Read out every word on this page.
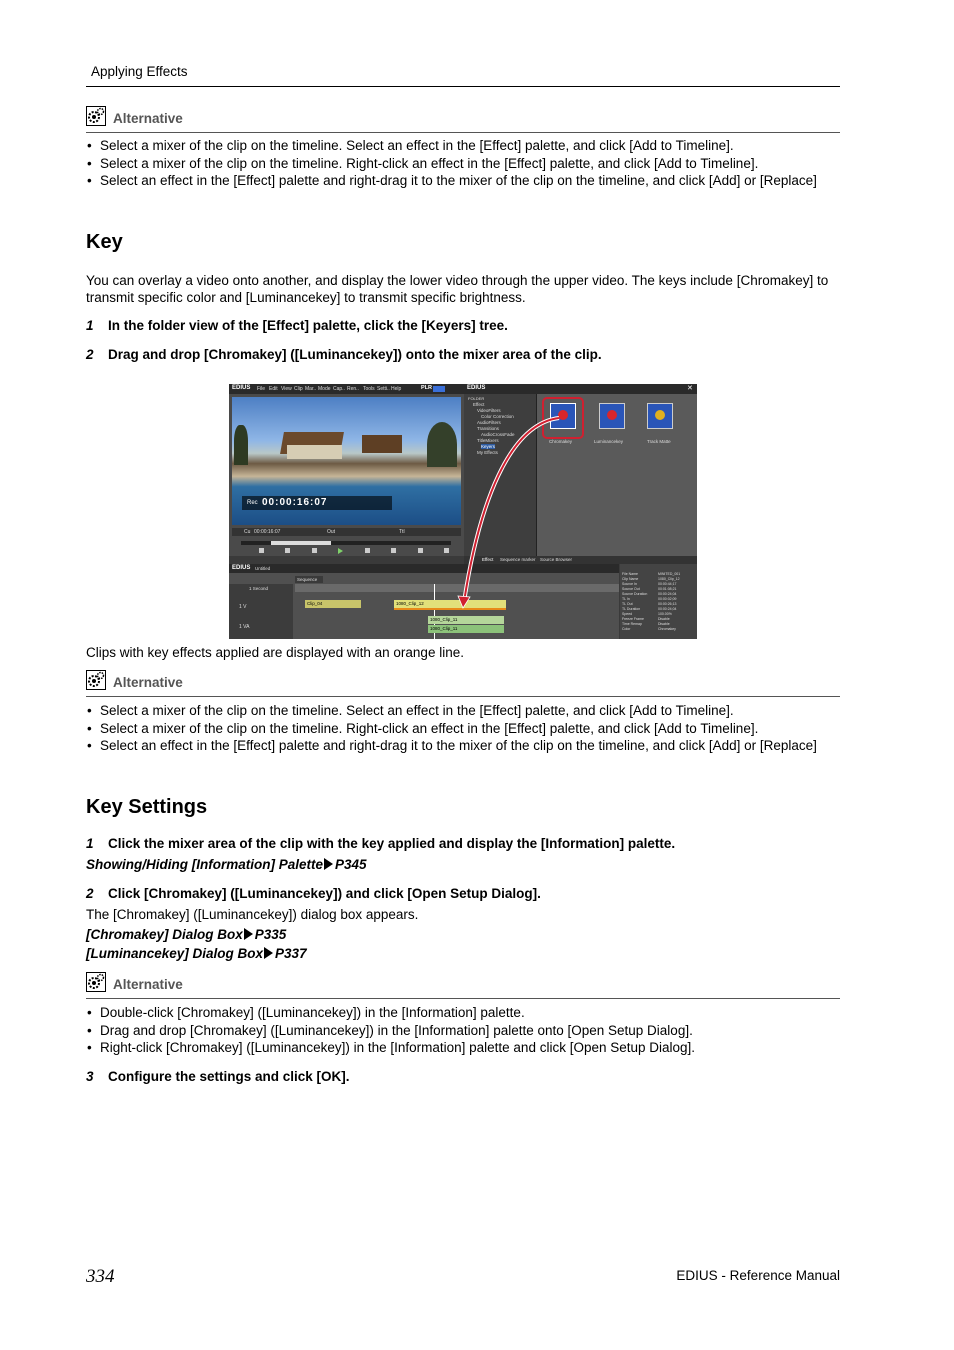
Applying Effects
Alternative
• Select a mixer of the clip on the timeline. Select an effect in the [Effect] palette, and click [Add to Timeline].
• Select a mixer of the clip on the timeline. Right-click an effect in the [Effect] palette, and click [Add to Timeline].
• Select an effect in the [Effect] palette and right-drag it to the mixer of the clip on the timeline, and click [Add] or [Replace]
Key
You can overlay a video onto another, and display the lower video through the upper video. The keys include [Chromakey] to transmit specific color and [Luminancekey] to transmit specific brightness.
1 In the folder view of the [Effect] palette, click the [Keyers] tree.
2 Drag and drop [Chromakey] ([Luminancekey]) onto the mixer area of the clip.
EDIUS File Edit View Clip Mar.. Mode Cap.. Ren.. Tools Setti.. Help	PLR
Rec 00:00:16:07
Cu 00:00:16:07	Out	Ttl
EDIUS	✕
FOLDER
Effect
VideoFilters
Color Correction
AudioFilters
Transitions
AudioCrossFade
TitleMixers
Keyers
My Effects
Chromakey	Luminancekey	Track Matte
Effect Sequence marker Source Browser
EDIUS Untitled
Sequence
1 Second
1 V
1 VA
Clip_04	1080_Clip_12
1080_Clip_11
1080_Clip_11
File Name	MINITED_001
Clip Name	1080_Clip_12
Source In	00:00:44;17
Source Out	00:01:08;21
Source Duration	00:00:24;04
TL In	00:00:02;09
TL Out	00:00:26;13
TL Duration	00:00:24;04
Speed	100.00%
Freeze Frame	Disable
Time Remap	Disable
Color	Chromakey
Clips with key effects applied are displayed with an orange line.
Alternative
• Select a mixer of the clip on the timeline. Select an effect in the [Effect] palette, and click [Add to Timeline].
• Select a mixer of the clip on the timeline. Right-click an effect in the [Effect] palette, and click [Add to Timeline].
• Select an effect in the [Effect] palette and right-drag it to the mixer of the clip on the timeline, and click [Add] or [Replace]
Key Settings
1 Click the mixer area of the clip with the key applied and display the [Information] palette.
Showing/Hiding [Information] Palette P345
2 Click [Chromakey] ([Luminancekey]) and click [Open Setup Dialog].
The [Chromakey] ([Luminancekey]) dialog box appears.
[Chromakey] Dialog Box P335
[Luminancekey] Dialog Box P337
Alternative
• Double-click [Chromakey] ([Luminancekey]) in the [Information] palette.
• Drag and drop [Chromakey] ([Luminancekey]) in the [Information] palette onto [Open Setup Dialog].
• Right-click [Chromakey] ([Luminancekey]) in the [Information] palette and click [Open Setup Dialog].
3 Configure the settings and click [OK].
334	EDIUS - Reference Manual
